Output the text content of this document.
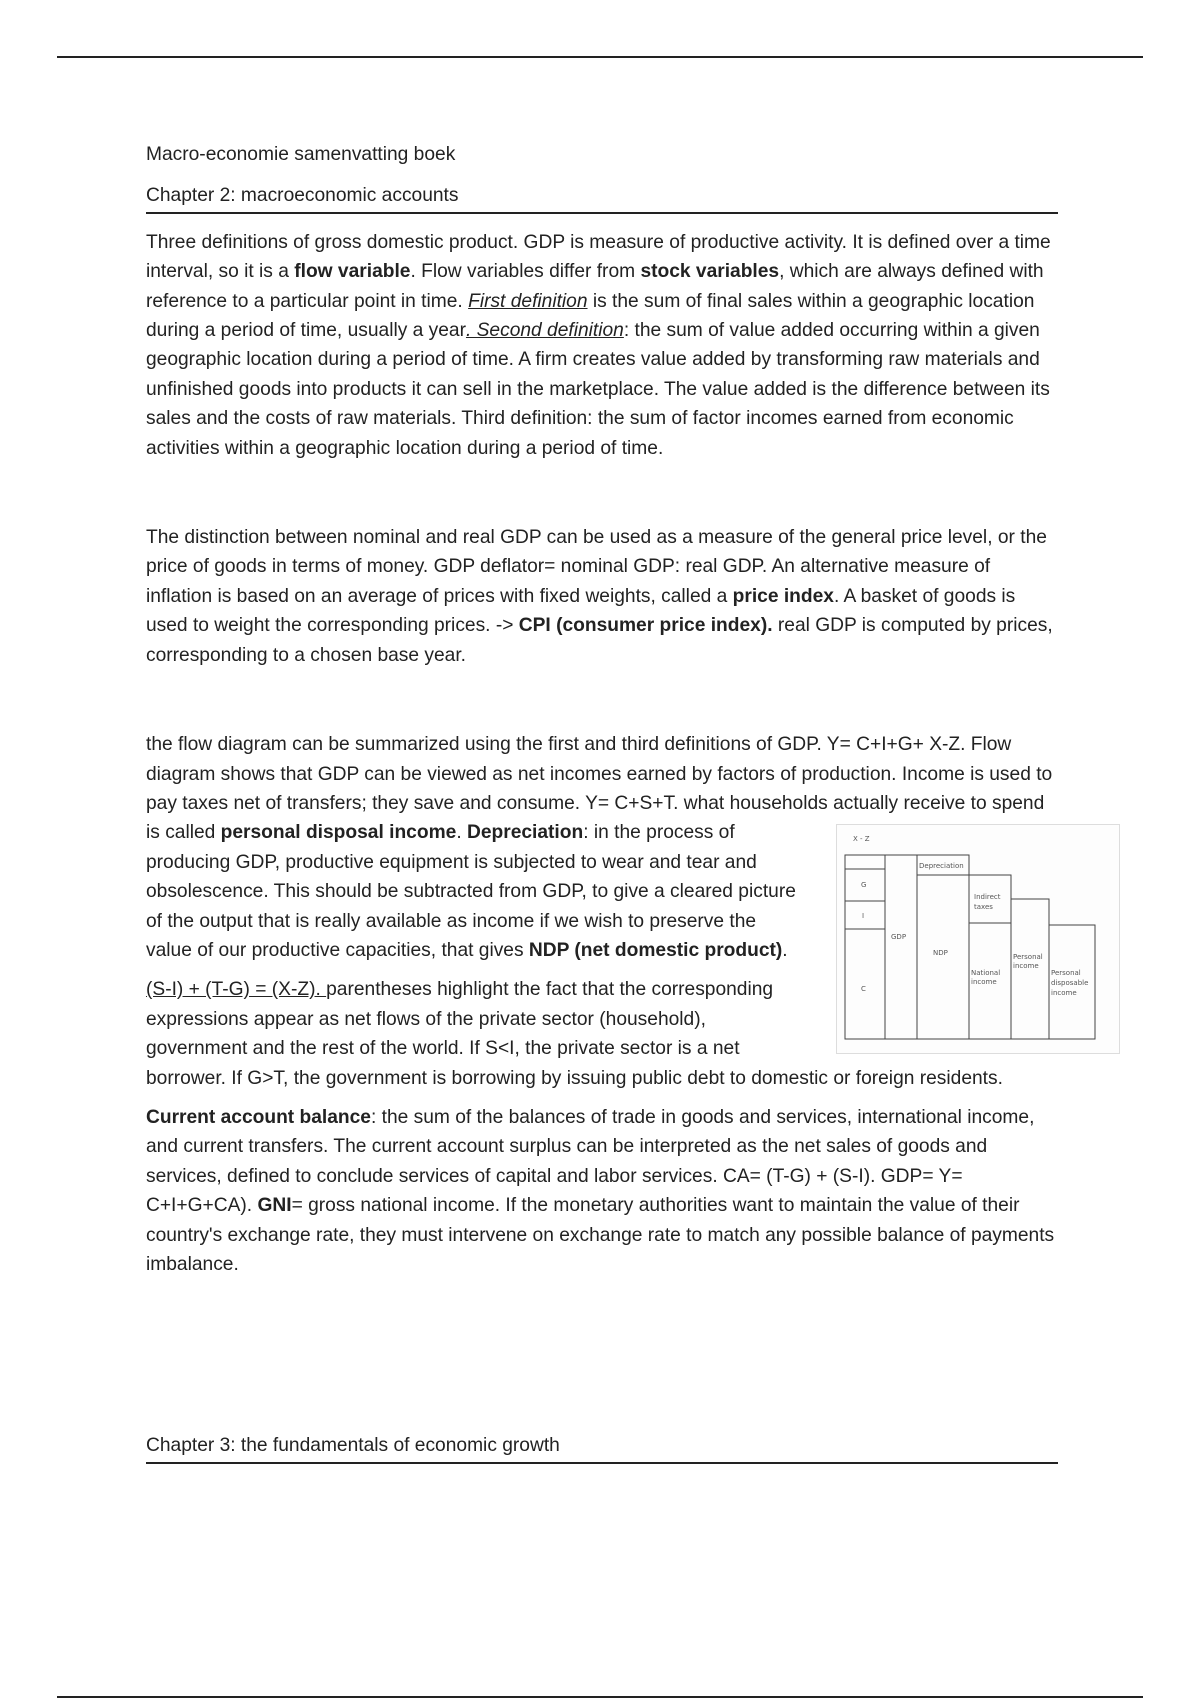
Macro-economie samenvatting boek

Chapter 2: macroeconomic accounts

Three definitions of gross domestic product. GDP is measure of productive activity. It is defined over a time interval, so it is a flow variable. Flow variables differ from stock variables, which are always defined with reference to a particular point in time. First definition is the sum of final sales within a geographic location during a period of time, usually a year. Second definition: the sum of value added occurring within a given geographic location during a period of time. A firm creates value added by transforming raw materials and unfinished goods into products it can sell in the marketplace. The value added is the difference between its sales and the costs of raw materials. Third definition: the sum of factor incomes earned from economic activities within a geographic location during a period of time.

The distinction between nominal and real GDP can be used as a measure of the general price level, or the price of goods in terms of money. GDP deflator= nominal GDP: real GDP. An alternative measure of inflation is based on an average of prices with fixed weights, called a price index. A basket of goods is used to weight the corresponding prices. -> CPI (consumer price index). real GDP is computed by prices, corresponding to a chosen base year.

the flow diagram can be summarized using the first and third definitions of GDP. Y= C+I+G+ X-Z. Flow diagram shows that GDP can be viewed as net incomes earned by factors of production. Income is used to pay taxes net of transfers; they save and consume. Y= C+S+T. what households actually receive to spend is called personal disposal income. Depreciation	X - Z
G
I
C
GDP
Depreciation
NDP
Indirect
taxes
National
income
Personal
income
Personal
disposable
income
: in the process of producing GDP, productive equipment is subjected to wear and tear and obsolescence. This should be subtracted from GDP, to give a cleared picture of the output that is really available as income if we wish to preserve the value of our productive capacities, that gives NDP (net domestic product).

(S-I) + (T-G) = (X-Z). parentheses highlight the fact that the corresponding expressions appear as net flows of the private sector (household), government and the rest of the world. If S<I, the private sector is a net borrower. If G>T, the government is borrowing by issuing public debt to domestic or foreign residents.

Current account balance: the sum of the balances of trade in goods and services, international income, and current transfers. The current account surplus can be interpreted as the net sales of goods and services, defined to conclude services of capital and labor services. CA= (T-G) + (S-I). GDP= Y= C+I+G+CA). GNI= gross national income. If the monetary authorities want to maintain the value of their country's exchange rate, they must intervene on exchange rate to match any possible balance of payments imbalance.

Chapter 3: the fundamentals of economic growth
